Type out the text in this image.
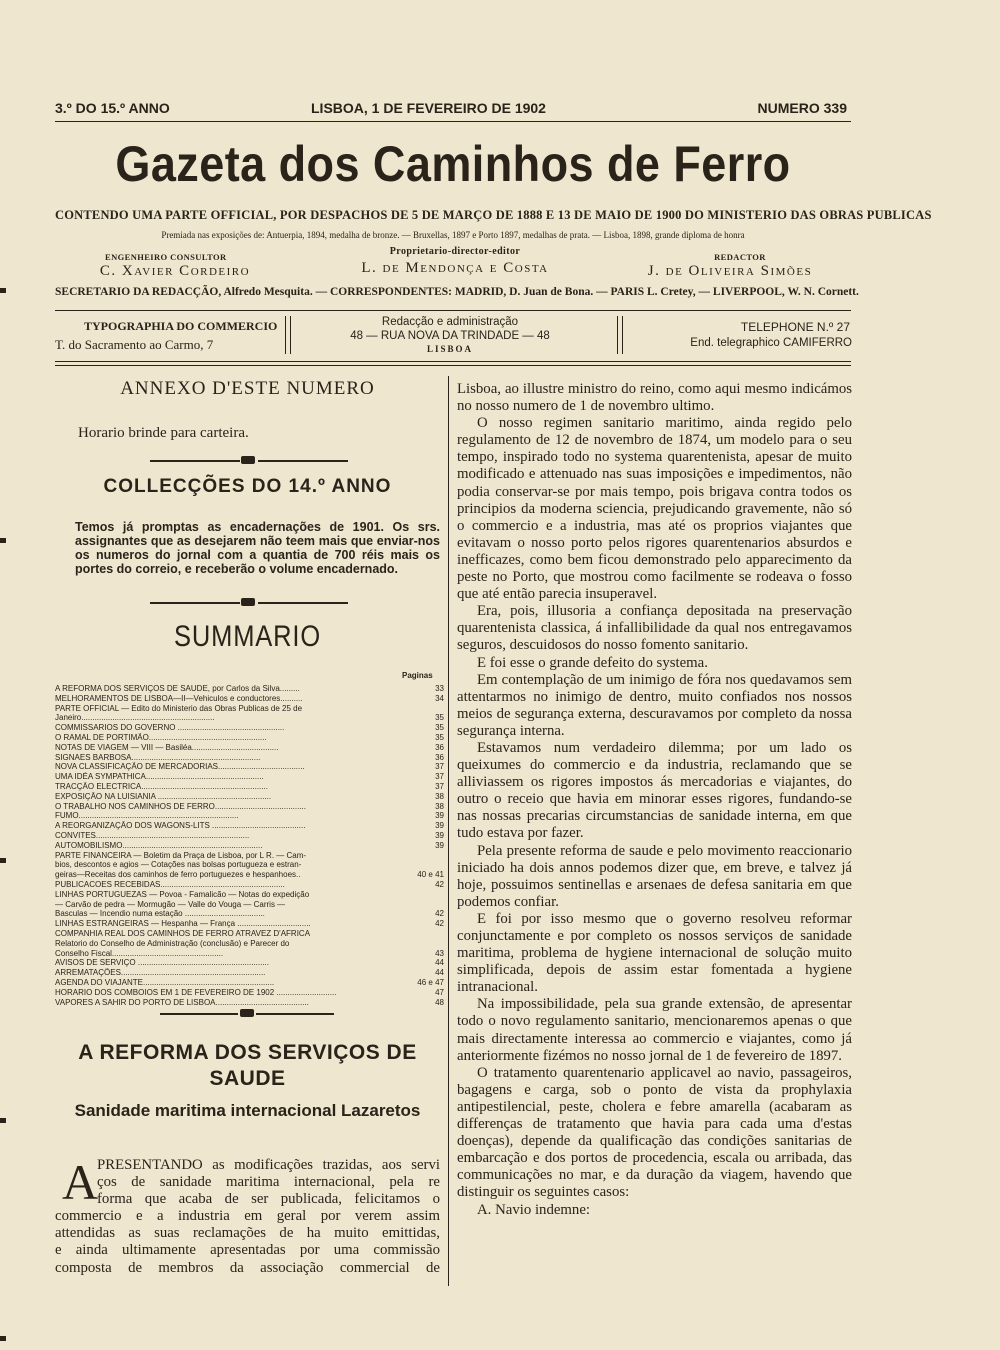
3.º DO 15.º ANNO	LISBOA, 1 DE FEVEREIRO DE 1902	NUMERO 339
Gazeta dos Caminhos de Ferro
CONTENDO UMA PARTE OFFICIAL, POR DESPACHOS DE 5 DE MARÇO DE 1888 E 13 DE MAIO DE 1900 DO MINISTERIO DAS OBRAS PUBLICAS
Premiada nas exposições de: Antuerpia, 1894, medalha de bronze. — Bruxellas, 1897 e Porto 1897, medalhas de prata. — Lisboa, 1898, grande diploma de honra
ENGENHEIRO CONSULTOR
C. Xavier Cordeiro
Proprietario-director-editor
L. de Mendonça e Costa
REDACTOR
J. de Oliveira Simões
SECRETARIO DA REDACÇÃO, Alfredo Mesquita. — CORRESPONDENTES: MADRID, D. Juan de Bona. — PARIS L. Cretey, — LIVERPOOL, W. N. Cornett.
TYPOGRAPHIA DO COMMERCIO
T. do Sacramento ao Carmo, 7
Redacção e administração
48 — RUA NOVA DA TRINDADE — 48
LISBOA
TELEPHONE N.º 27
End. telegraphico CAMIFERRO
ANNEXO D'ESTE NUMERO
Horario brinde para carteira.
COLLECÇÕES DO 14.º ANNO
Temos já promptas as encadernações de 1901. Os srs. assignantes que as desejarem não teem mais que enviar-nos os numeros do jornal com a quantia de 700 réis mais os portes do correio, e receberão o volume encadernado.
SUMMARIO
Paginas
A REFORMA DOS SERVIÇOS DE SAUDE, por Carlos da Silva.........	33
MELHORAMENTOS DE LISBOA—II—Vehiculos e conductores..........	34
PARTE OFFICIAL — Edito do Ministerio das Obras Publicas de 25 de
Janeiro............................................................	35
COMMISSARIOS DO GOVERNO ................................................	35
O RAMAL DE PORTIMÃO.....................................................	35
NOTAS DE VIAGEM — VIII — Basiléa.......................................	36
SIGNAES BARBOSA..........................................................	36
NOVA CLASSIFICAÇÃO DE MERCADORIAS.......................................	37
UMA IDÉA SYMPATHICA.....................................................	37
TRACÇÃO ELECTRICA.........................................................	37
EXPOSIÇÃO NA LUISIANIA ...................................................	38
O TRABALHO NOS CAMINHOS DE FERRO.........................................	38
FUMO........................................................................	39
A REORGANIZAÇÃO DOS WAGONS-LITS ..........................................	39
CONVITES.....................................................................	39
AUTOMOBILISMO...............................................................	39
PARTE FINANCEIRA — Boletim da Praça de Lisboa, por L R. — Cam-
bios, descontos e agios — Cotações nas bolsas portugueza e estran-
geiras—Receitas dos caminhos de ferro portuguezes e hespanhoes..	40 e 41
PUBLICACOES RECEBIDAS........................................................	42
LINHAS PORTUGUEZAS — Povoa - Famalicão — Notas do expedição
— Carvão de pedra — Mormugão — Valle do Vouga — Carris —
Basculas — Incendio numa estação ....................................	42
LINHAS ESTRANGEIRAS — Hespanha — França .................................	42
COMPANHIA REAL DOS CAMINHOS DE FERRO ATRAVEZ D'AFRICA
Relatorio do Conselho de Administração (conclusão) e Parecer do
Conselho Fiscal..................................................	43
AVISOS DE SERVIÇO ...........................................................	44
ARREMATAÇÕES.................................................................	44
AGENDA DO VIAJANTE...........................................................	46 e 47
HORARIO DOS COMBOIOS EM 1 DE FEVEREIRO DE 1902 ...........................	47
VAPORES A SAHIR DO PORTO DE LISBOA..........................................	48
A REFORMA DOS SERVIÇOS DE SAUDE
Sanidade maritima internacional Lazaretos
A
PRESENTANDO as modificações trazidas, aos servi
ços de sanidade maritima internacional, pela re
forma que acaba de ser publicada, felicitamos o
commercio e a industria em geral por verem assim
attendidas as suas reclamações de ha muito emittidas,
e ainda ultimamente apresentadas por uma commissão
composta de membros da associação commercial de

Lisboa, ao illustre ministro do reino, como aqui mesmo indicámos no nosso numero de 1 de novembro ultimo.

O nosso regimen sanitario maritimo, ainda regido pelo regulamento de 12 de novembro de 1874, um modelo para o seu tempo, inspirado todo no systema quarentenista, apesar de muito modificado e attenuado nas suas imposições e impedimentos, não podia conservar-se por mais tempo, pois brigava contra todos os principios da moderna sciencia, prejudicando gravemente, não só o commercio e a industria, mas até os proprios viajantes que evitavam o nosso porto pelos rigores quarentenarios absurdos e inefficazes, como bem ficou demonstrado pelo apparecimento da peste no Porto, que mostrou como facilmente se rodeava o fosso que até então parecia insuperavel.

Era, pois, illusoria a confiança depositada na preservação quarentenista classica, á infallibilidade da qual nos entregavamos seguros, descuidosos do nosso fomento sanitario.

E foi esse o grande defeito do systema.

Em contemplação de um inimigo de fóra nos quedavamos sem attentarmos no inimigo de dentro, muito confiados nos nossos meios de segurança externa, descuravamos por completo da nossa segurança interna.

Estavamos num verdadeiro dilemma; por um lado os queixumes do commercio e da industria, reclamando que se alliviassem os rigores impostos ás mercadorias e viajantes, do outro o receio que havia em minorar esses rigores, fundando-se nas nossas precarias circumstancias de sanidade interna, em que tudo estava por fazer.

Pela presente reforma de saude e pelo movimento reaccionario iniciado ha dois annos podemos dizer que, em breve, e talvez já hoje, possuimos sentinellas e arsenaes de defesa sanitaria em que podemos confiar.

E foi por isso mesmo que o governo resolveu reformar conjunctamente e por completo os nossos serviços de sanidade maritima, problema de hygiene internacional de solução muito simplificada, depois de assim estar fomentada a hygiene intranacional.

Na impossibilidade, pela sua grande extensão, de apresentar todo o novo regulamento sanitario, mencionaremos apenas o que mais directamente interessa ao commercio e viajantes, como já anteriormente fizémos no nosso jornal de 1 de fevereiro de 1897.

O tratamento quarentenario applicavel ao navio, passageiros, bagagens e carga, sob o ponto de vista da prophylaxia antipestilencial, peste, cholera e febre amarella (acabaram as differenças de tratamento que havia para cada uma d'estas doenças), depende da qualificação das condições sanitarias de embarcação e dos portos de procedencia, escala ou arribada, das communicações no mar, e da duração da viagem, havendo que distinguir os seguintes casos:

A. Navio indemne:
